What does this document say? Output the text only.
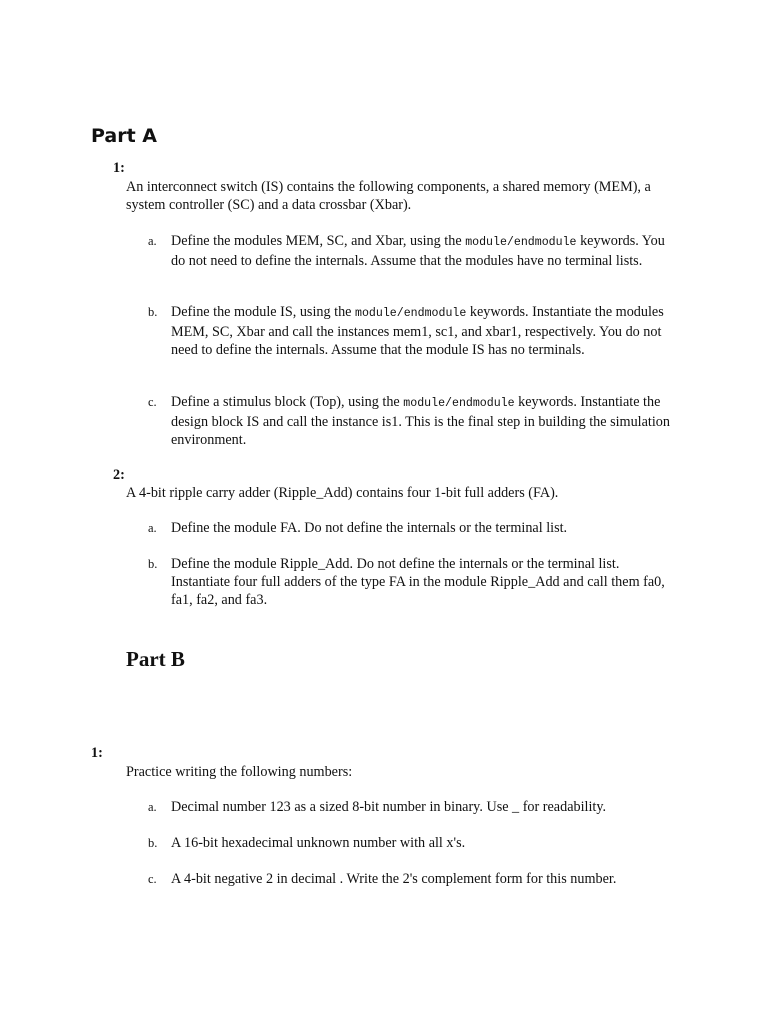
Part A
1:

An interconnect switch (IS) contains the following components, a shared memory (MEM), a system controller (SC) and a data crossbar (Xbar).

a.	Define the modules MEM, SC, and Xbar, using the module/endmodule keywords. You do not need to define the internals. Assume that the modules have no terminal lists.
b. Define the module IS, using the module/endmodule keywords. Instantiate the modules MEM, SC, Xbar and call the instances mem1, sc1, and xbar1, respectively. You do not need to define the internals. Assume that the module IS has no terminals.
c.	Define a stimulus block (Top), using the module/endmodule keywords. Instantiate the design block IS and call the instance is1. This is the final step in building the simulation environment.
2:

A 4-bit ripple carry adder (Ripple_Add) contains four 1-bit full adders (FA).

a.	Define the module FA. Do not define the internals or the terminal list.
b. Define the module Ripple_Add. Do not define the internals or the terminal list. Instantiate four full adders of the type FA in the module Ripple_Add and call them fa0, fa1, fa2, and fa3.
Part B
1:

Practice writing the following numbers:

a.	Decimal number 123 as a sized 8-bit number in binary. Use _ for readability.
b. A 16-bit hexadecimal unknown number with all x's.
c.	A 4-bit negative 2 in decimal . Write the 2's complement form for this number.
